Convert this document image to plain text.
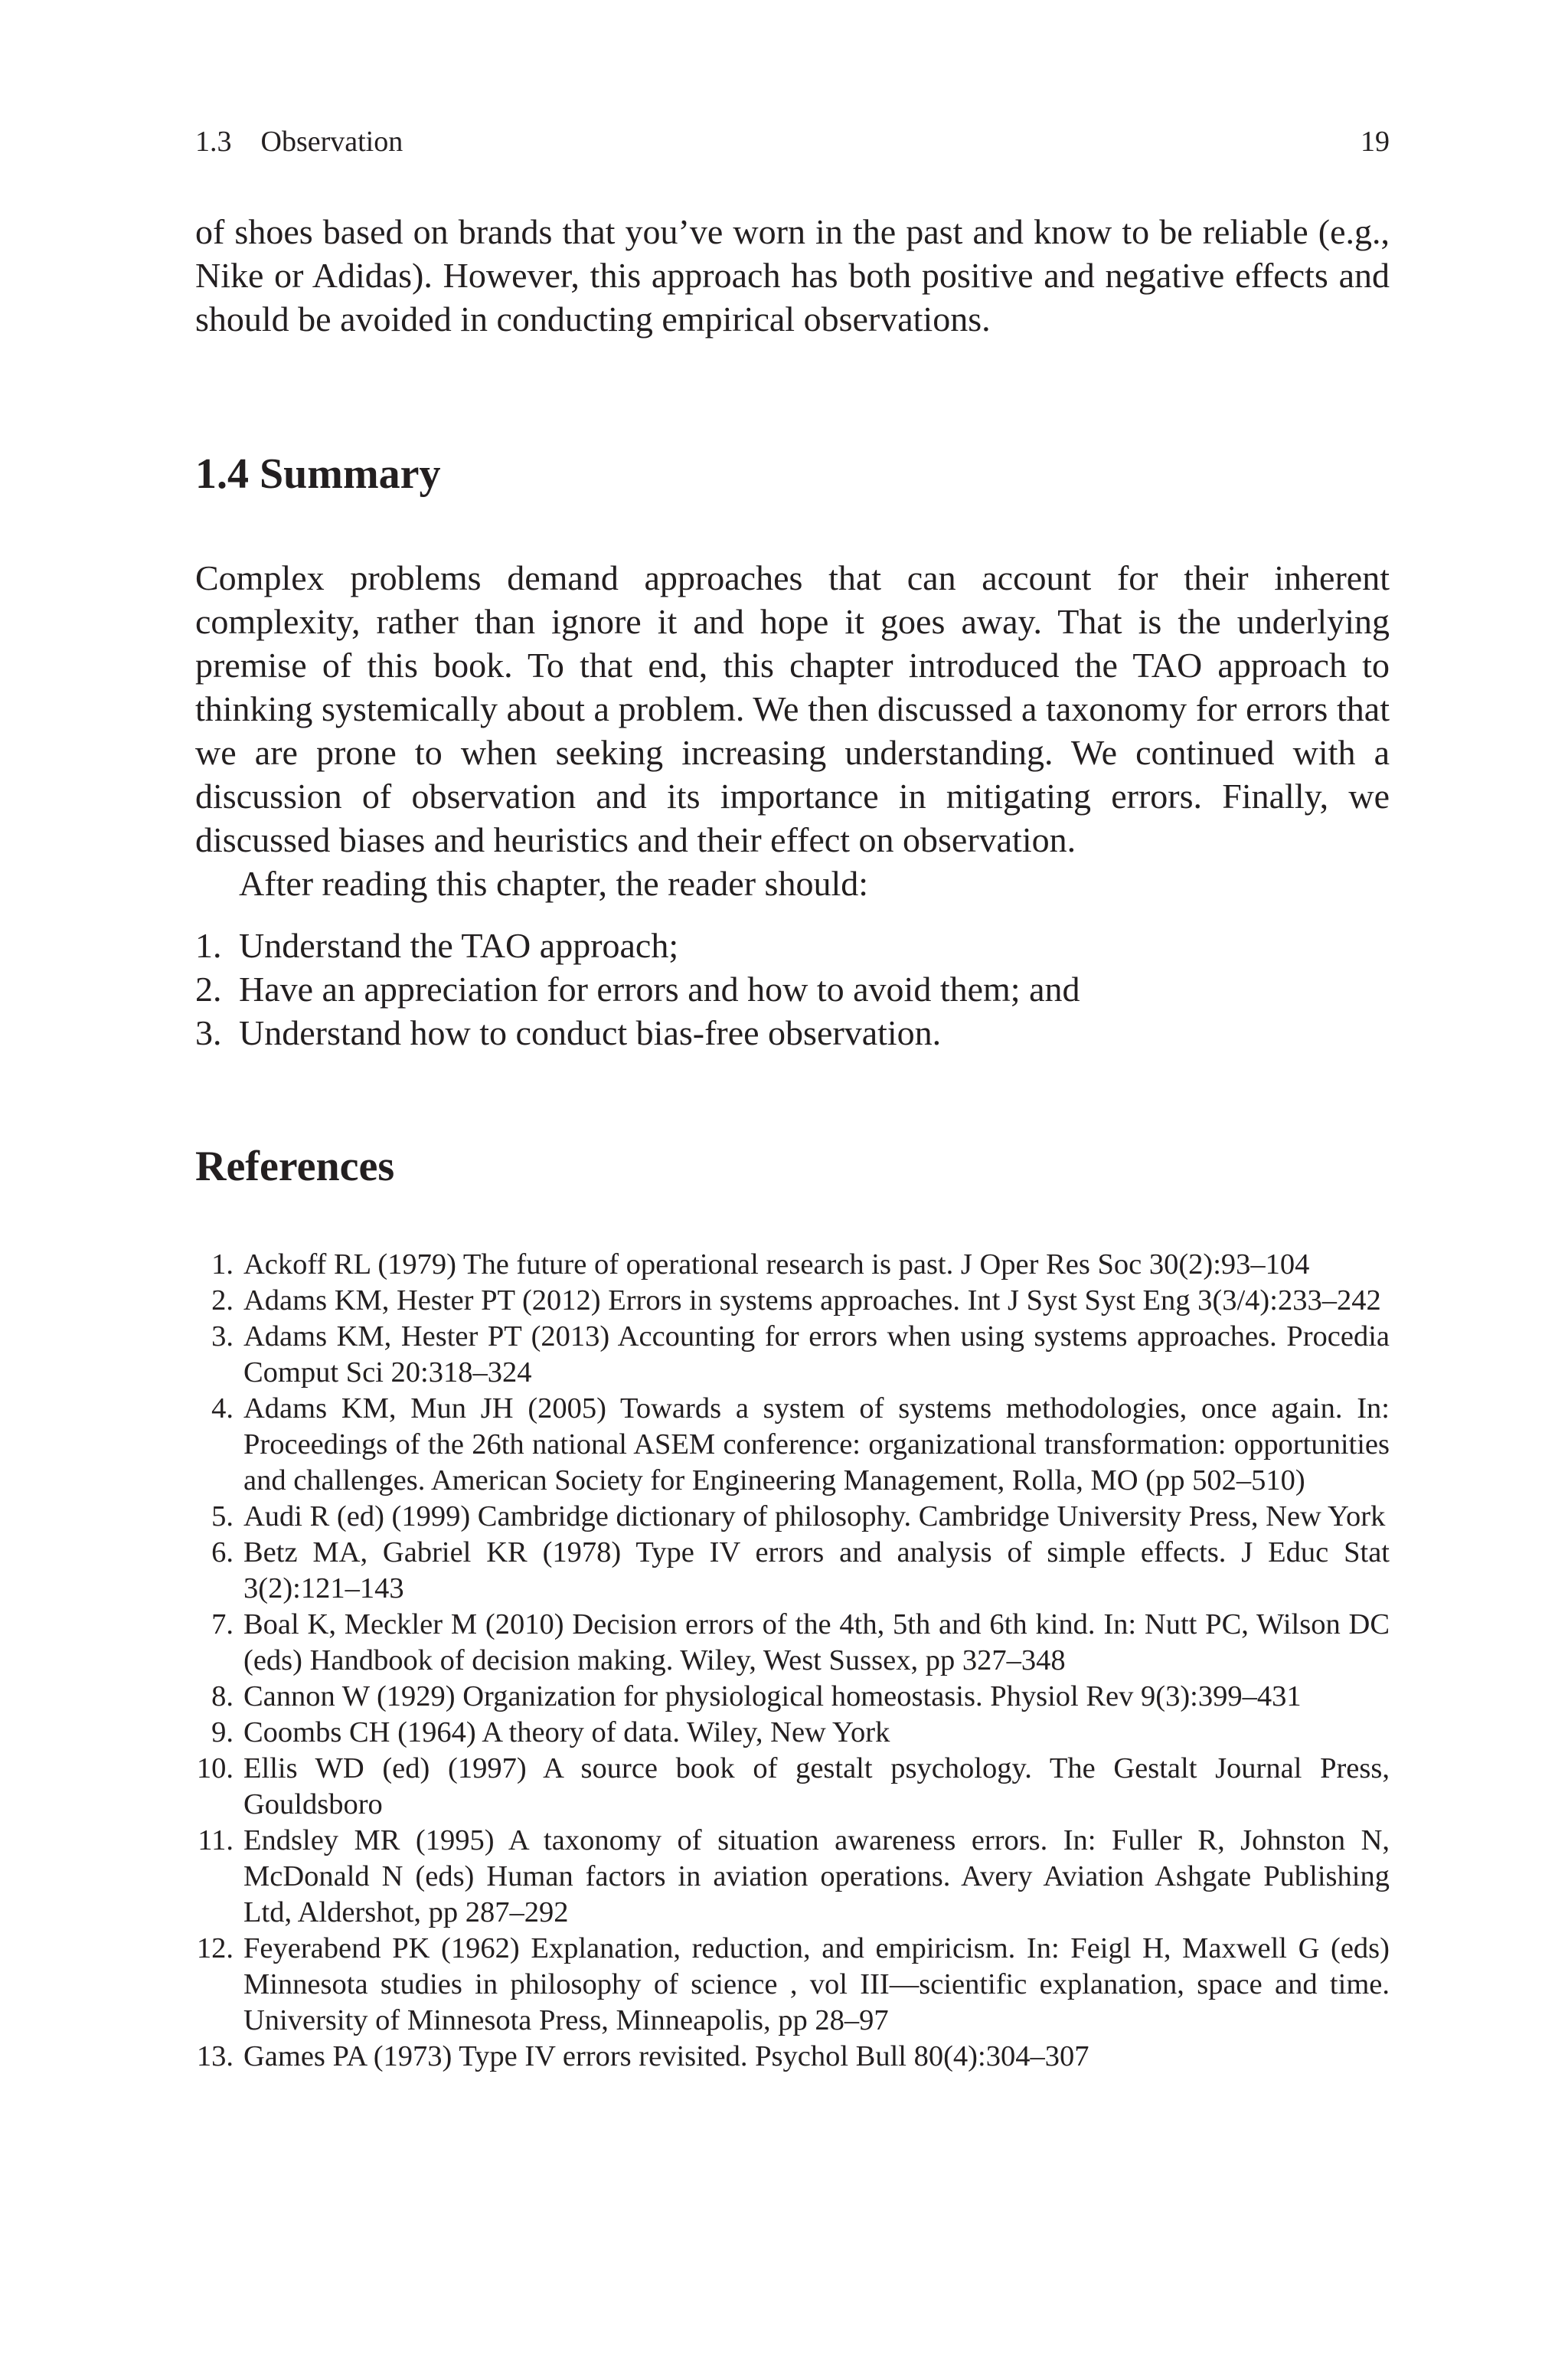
1.3 Observation	19

of shoes based on brands that you’ve worn in the past and know to be reliable (e.g., Nike or Adidas). However, this approach has both positive and negative effects and should be avoided in conducting empirical observations.

1.4 Summary

Complex problems demand approaches that can account for their inherent complexity, rather than ignore it and hope it goes away. That is the underlying premise of this book. To that end, this chapter introduced the TAO approach to thinking systemically about a problem. We then discussed a taxonomy for errors that we are prone to when seeking increasing understanding. We continued with a discussion of observation and its importance in mitigating errors. Finally, we discussed biases and heuristics and their effect on observation.

After reading this chapter, the reader should:

1. Understand the TAO approach;
2. Have an appreciation for errors and how to avoid them; and
3. Understand how to conduct bias-free observation.
References
1. Ackoff RL (1979) The future of operational research is past. J Oper Res Soc 30(2):93–104
2. Adams KM, Hester PT (2012) Errors in systems approaches. Int J Syst Syst Eng 3(3/4):233–242
3. Adams KM, Hester PT (2013) Accounting for errors when using systems approaches. Procedia Comput Sci 20:318–324
4. Adams KM, Mun JH (2005) Towards a system of systems methodologies, once again. In: Proceedings of the 26th national ASEM conference: organizational transformation: opportunities and challenges. American Society for Engineering Management, Rolla, MO (pp 502–510)
5. Audi R (ed) (1999) Cambridge dictionary of philosophy. Cambridge University Press, New York
6. Betz MA, Gabriel KR (1978) Type IV errors and analysis of simple effects. J Educ Stat 3(2):121–143
7. Boal K, Meckler M (2010) Decision errors of the 4th, 5th and 6th kind. In: Nutt PC, Wilson DC (eds) Handbook of decision making. Wiley, West Sussex, pp 327–348
8. Cannon W (1929) Organization for physiological homeostasis. Physiol Rev 9(3):399–431
9. Coombs CH (1964) A theory of data. Wiley, New York
10. Ellis WD (ed) (1997) A source book of gestalt psychology. The Gestalt Journal Press, Gouldsboro
11. Endsley MR (1995) A taxonomy of situation awareness errors. In: Fuller R, Johnston N, McDonald N (eds) Human factors in aviation operations. Avery Aviation Ashgate Publishing Ltd, Aldershot, pp 287–292
12. Feyerabend PK (1962) Explanation, reduction, and empiricism. In: Feigl H, Maxwell G (eds) Minnesota studies in philosophy of science , vol III—scientific explanation, space and time. University of Minnesota Press, Minneapolis, pp 28–97
13. Games PA (1973) Type IV errors revisited. Psychol Bull 80(4):304–307
